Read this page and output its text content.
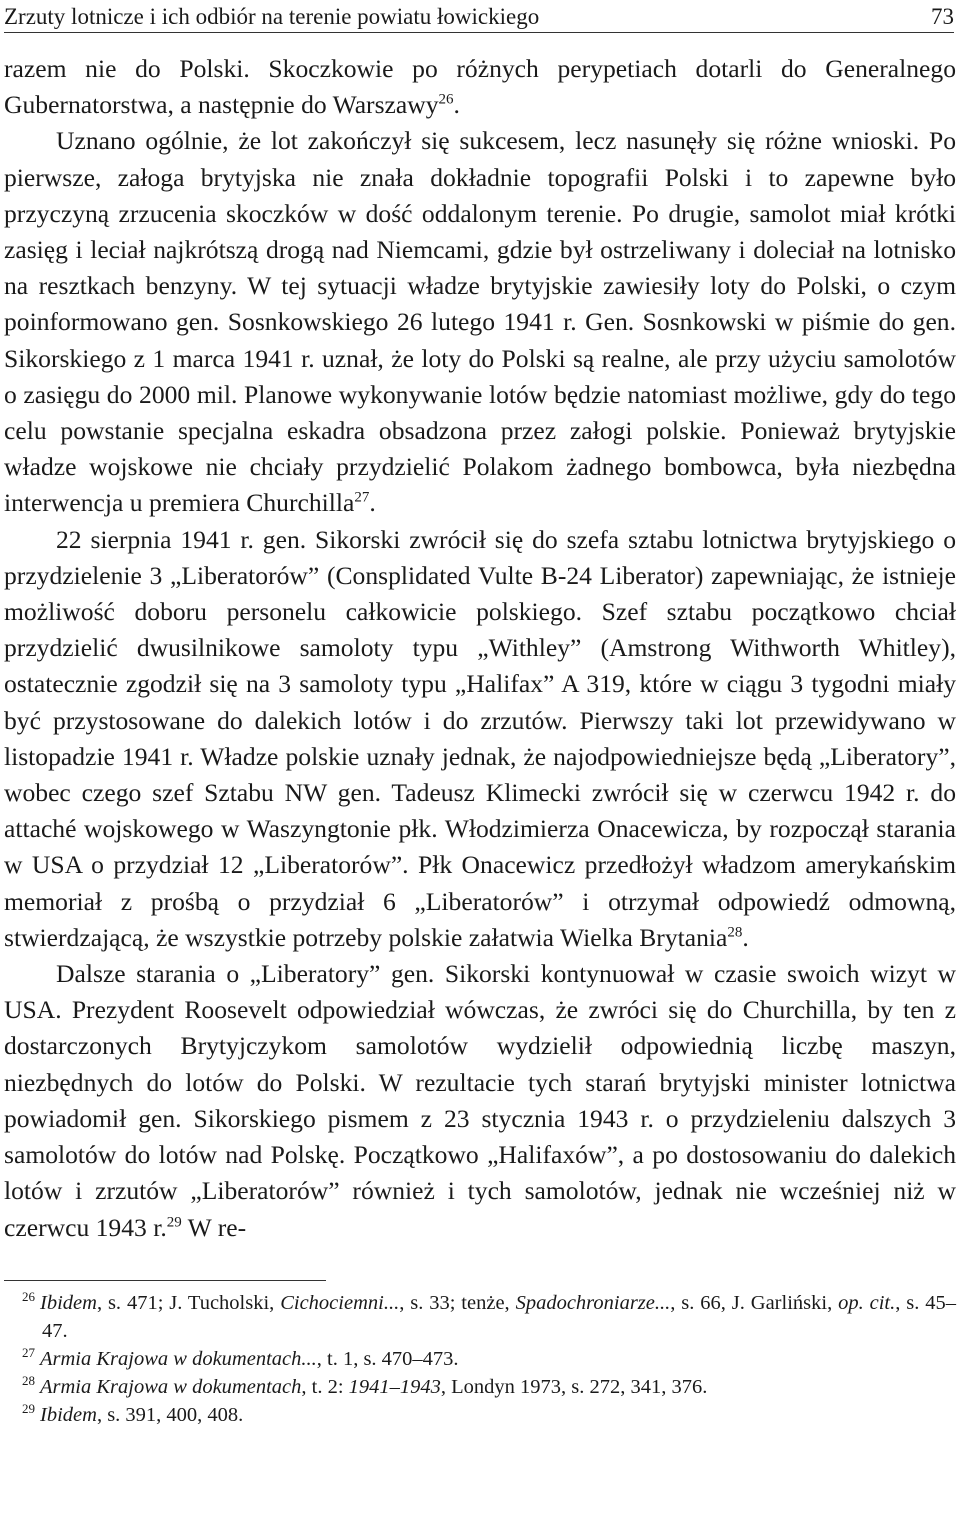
Zrzuty lotnicze i ich odbiór na terenie powiatu łowickiego	73

razem nie do Polski. Skoczkowie po różnych perypetiach dotarli do Generalnego Gubernatorstwa, a następnie do Warszawy$^{26}$.

Uznano ogólnie, że lot zakończył się sukcesem, lecz nasunęły się różne wnioski. Po pierwsze, załoga brytyjska nie znała dokładnie topografii Polski i to zapewne było przyczyną zrzucenia skoczków w dość oddalonym terenie. Po drugie, samolot miał krótki zasięg i leciał najkrótszą drogą nad Niemcami, gdzie był ostrzeliwany i doleciał na lotnisko na resztkach benzyny. W tej sytuacji władze brytyjskie zawiesiły loty do Polski, o czym poinformowano gen. Sosnkowskiego 26 lutego 1941 r. Gen. Sosnkowski w piśmie do gen. Sikorskiego z 1 marca 1941 r. uznał, że loty do Polski są realne, ale przy użyciu samolotów o zasięgu do 2000 mil. Planowe wykonywanie lotów będzie natomiast możliwe, gdy do tego celu powstanie specjalna eskadra obsadzona przez załogi polskie. Ponieważ brytyjskie władze wojskowe nie chciały przydzielić Polakom żadnego bombowca, była niezbędna interwencja u premiera Churchilla$^{27}$.

22 sierpnia 1941 r. gen. Sikorski zwrócił się do szefa sztabu lotnictwa brytyjskiego o przydzielenie 3 „Liberatorów” (Consplidated Vulte B-24 Liberator) zapewniając, że istnieje możliwość doboru personelu całkowicie polskiego. Szef sztabu początkowo chciał przydzielić dwusilnikowe samoloty typu „Withley” (Amstrong Withworth Whitley), ostatecznie zgodził się na 3 samoloty typu „Halifax” A 319, które w ciągu 3 tygodni miały być przystosowane do dalekich lotów i do zrzutów. Pierwszy taki lot przewidywano w listopadzie 1941 r. Władze polskie uznały jednak, że najodpowiedniejsze będą „Liberatory”, wobec czego szef Sztabu NW gen. Tadeusz Klimecki zwrócił się w czerwcu 1942 r. do attaché wojskowego w Waszyngtonie płk. Włodzimierza Onacewicza, by rozpoczął starania w USA o przydział 12 „Liberatorów”. Płk Onacewicz przedłożył władzom amerykańskim memoriał z prośbą o przydział 6 „Liberatorów” i otrzymał odpowiedź odmowną, stwierdzającą, że wszystkie potrzeby polskie załatwia Wielka Brytania$^{28}$.

Dalsze starania o „Liberatory” gen. Sikorski kontynuował w czasie swoich wizyt w USA. Prezydent Roosevelt odpowiedział wówczas, że zwróci się do Churchilla, by ten z dostarczonych Brytyjczykom samolotów wydzielił odpowiednią liczbę maszyn, niezbędnych do lotów do Polski. W rezultacie tych starań brytyjski minister lotnictwa powiadomił gen. Sikorskiego pismem z 23 stycznia 1943 r. o przydzieleniu dalszych 3 samolotów do lotów nad Polskę. Początkowo „Halifaxów”, a po dostosowaniu do dalekich lotów i zrzutów „Liberatorów” również i tych samolotów, jednak nie wcześniej niż w czerwcu 1943 r.$^{29}$ W re-

$^{26}$ Ibidem, s. 471; J. Tucholski, Cichociemni..., s. 33; tenże, Spadochroniarze..., s. 66, J. Garliński, op. cit., s. 45–47.

$^{27}$ Armia Krajowa w dokumentach..., t. 1, s. 470–473.

$^{28}$ Armia Krajowa w dokumentach, t. 2: 1941–1943, Londyn 1973, s. 272, 341, 376.

$^{29}$ Ibidem, s. 391, 400, 408.
